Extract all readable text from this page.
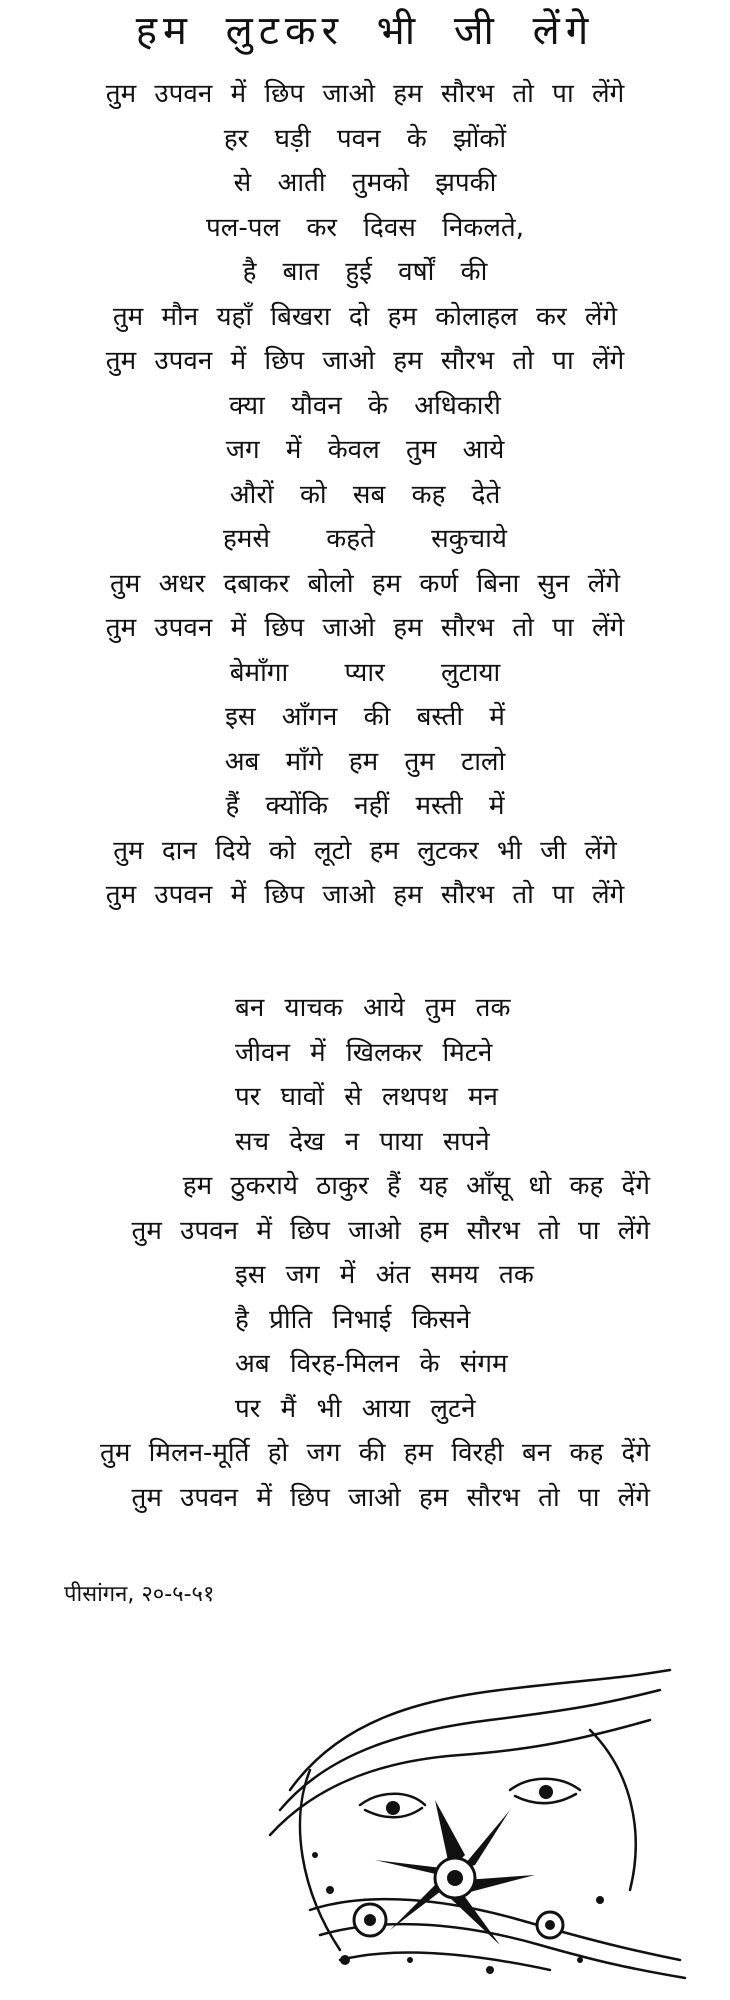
हम लुटकर भी जी लेंगे
तुम उपवन में छिप जाओ हम सौरभ तो पा लेंगे
हर घड़ी पवन के झोंकों
से आती तुमको झपकी
पल-पल कर दिवस निकलते,
है बात हुई वर्षों की
तुम मौन यहाँ बिखरा दो हम कोलाहल कर लेंगे
तुम उपवन में छिप जाओ हम सौरभ तो पा लेंगे
क्या यौवन के अधिकारी
जग में केवल तुम आये
औरों को सब कह देते
हमसे कहते सकुचाये
तुम अधर दबाकर बोलो हम कर्ण बिना सुन लेंगे
तुम उपवन में छिप जाओ हम सौरभ तो पा लेंगे
बेमाँगा प्यार लुटाया
इस आँगन की बस्ती में
अब माँगे हम तुम टालो
हैं क्योंकि नहीं मस्ती में
तुम दान दिये को लूटो हम लुटकर भी जी लेंगे
तुम उपवन में छिप जाओ हम सौरभ तो पा लेंगे
बन याचक आये तुम तक
जीवन में खिलकर मिटने
पर घावों से लथपथ मन
सच देख न पाया सपने
हम ठुकराये ठाकुर हैं यह आँसू धो कह देंगे
तुम उपवन में छिप जाओ हम सौरभ तो पा लेंगे
इस जग में अंत समय तक
है प्रीति निभाई किसने
अब विरह-मिलन के संगम
पर मैं भी आया लुटने
तुम मिलन-मूर्ति हो जग की हम विरही बन कह देंगे
तुम उपवन में छिप जाओ हम सौरभ तो पा लेंगे
पीसांगन, २०-५-५१
